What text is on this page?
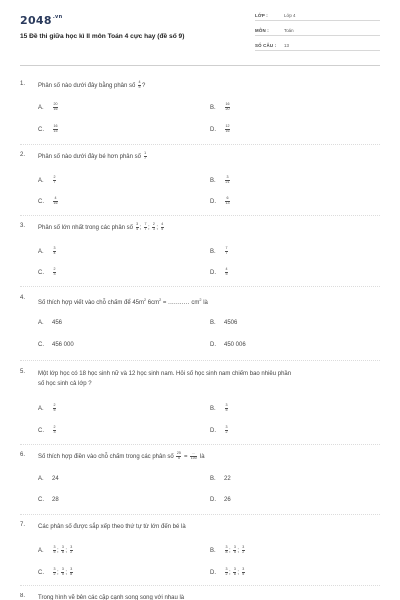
$2048^{.vn}$
15 Đề thi giữa học kì II môn Toán 4 cực hay (đề số 9)
LỚP :	Lớp 4
MÔN :	Toán
SỐ CÂU : 13
1. Phân số nào dưới đây bằng phân số $\frac{4}{5}$ ?
A.	$\frac{20}{16}$	B.	$\frac{16}{20}$
C.	$\frac{16}{15}$	D.	$\frac{12}{16}$
2. Phân số nào dưới đây bé hơn phân số $\frac{1}{7}$
A.	$\frac{2}{7}$	B.	$\frac{3}{21}$
C.	$\frac{4}{16}$	D.	$\frac{6}{13}$
3. Phân số lớn nhất trong các phân số $\frac{3}{4}$ ; $\frac{7}{7}$ ; $\frac{2}{3}$ ; $\frac{4}{5}$
A.	$\frac{3}{4}$	B.	$\frac{7}{7}$
C.	$\frac{2}{3}$	D.	$\frac{4}{5}$
4.
Số thích hợp viết vào chỗ chấm để $45m^2$ $6cm^2$ = ........... $cm^2$ là
A. 456	B. 4506
C. 456 000	D. 450 006
5. Một lớp học có 18 học sinh nữ và 12 học sinh nam. Hỏi số học sinh nam chiếm bao nhiêu phần
số học sinh cả lớp ?
A.	$\frac{2}{5}$	B.	$\frac{3}{5}$
C.	$\frac{2}{3}$	D.	$\frac{3}{2}$
6. Số thích hợp điền vào chỗ chấm trong các phân số $\frac{25}{5} = \frac{...}{100}$ là
A. 24	B. 22
C. 28	D. 26
7. Các phân số được sắp xếp theo thứ tự từ lớn đến bé là
A.	$\frac{3}{5}$ ; $\frac{3}{8}$ ; $\frac{3}{2}$	B.	$\frac{3}{8}$ ; $\frac{3}{5}$ ; $\frac{3}{2}$
C.	$\frac{3}{2}$ ; $\frac{3}{5}$ ; $\frac{3}{8}$	D.	$\frac{3}{2}$ ; $\frac{3}{8}$ ; $\frac{3}{5}$
8. Trong hình vẽ bên các cặp cạnh song song với nhau là
